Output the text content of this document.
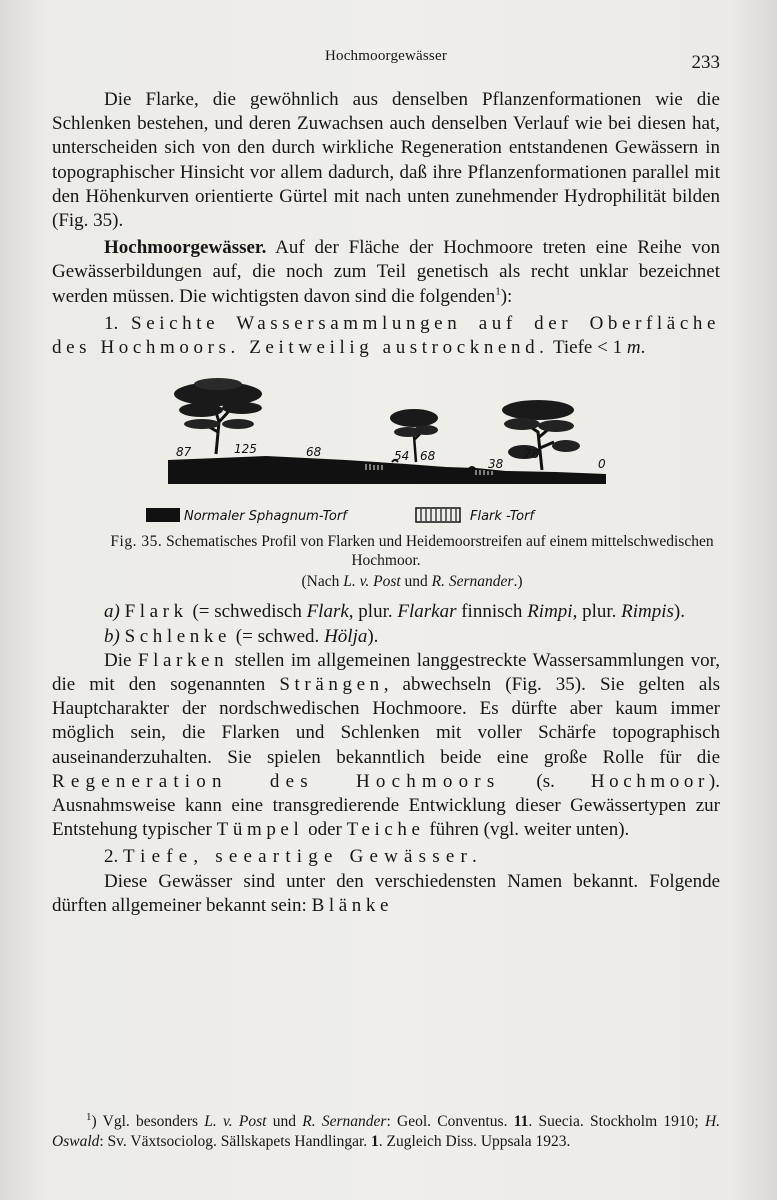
Hochmoorgewässer	233

Die Flarke, die gewöhnlich aus denselben Pflanzenformationen wie die Schlenken bestehen, und deren Zuwachsen auch denselben Verlauf wie bei diesen hat, unterscheiden sich von den durch wirkliche Regeneration entstandenen Gewässern in topographischer Hinsicht vor allem dadurch, daß ihre Pflanzenformationen parallel mit den Höhenkurven orientierte Gürtel mit nach unten zunehmender Hydrophilität bilden (Fig. 35).

Hochmoorgewässer. Auf der Fläche der Hochmoore treten eine Reihe von Gewässerbildungen auf, die noch zum Teil genetisch als recht unklar bezeichnet werden müssen. Die wichtigsten davon sind die folgenden$^1$):

1. Seichte Wassersammlungen auf der Oberfläche des Hochmoors. Zeitweilig austrocknend. Tiefe < 1 m.

87	125	68	54 68
38
78
0
Normaler Sphagnum-Torf	Flark -Torf

Fig. 35. Schematisches Profil von Flarken und Heidemoorstreifen auf einem mittelschwedischen Hochmoor.

(Nach L. v. Post und R. Sernander.)

a) Flark (= schwedisch Flark, plur. Flarkar finnisch Rimpi, plur. Rimpis).

b) Schlenke (= schwed. Hölja).

Die Flarken stellen im allgemeinen langgestreckte Wassersammlungen vor, die mit den sogenannten Strängen, abwechseln (Fig. 35). Sie gelten als Hauptcharakter der nordschwedischen Hochmoore. Es dürfte aber kaum immer möglich sein, die Flarken und Schlenken mit voller Schärfe topographisch auseinanderzuhalten. Sie spielen bekanntlich beide eine große Rolle für die Regeneration des Hochmoors (s. Hochmoor). Ausnahmsweise kann eine transgredierende Entwicklung dieser Gewässertypen zur Entstehung typischer Tümpel oder Teiche führen (vgl. weiter unten).

2. Tiefe, seeartige Gewässer.

Diese Gewässer sind unter den verschiedensten Namen bekannt. Folgende dürften allgemeiner bekannt sein: Blänke

$^1$) Vgl. besonders L. v. Post und R. Sernander: Geol. Conventus. 11. Suecia. Stockholm 1910; H. Oswald: Sv. Växtsociolog. Sällskapets Handlingar. 1. Zugleich Diss. Uppsala 1923.
